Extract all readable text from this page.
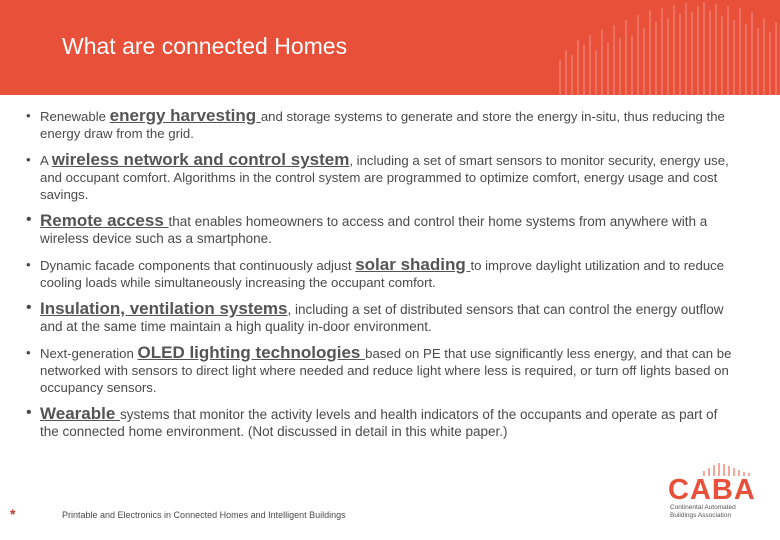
What are connected Homes
• Renewable energy harvesting and storage systems to generate and store the energy in-situ, thus reducing the energy draw from the grid.
• A wireless network and control system, including a set of smart sensors to monitor security, energy use, and occupant comfort. Algorithms in the control system are programmed to optimize comfort, energy usage and cost savings.
• Remote access that enables homeowners to access and control their home systems from anywhere with a wireless device such as a smartphone.
• Dynamic facade components that continuously adjust solar shading to improve daylight utilization and to reduce cooling loads while simultaneously increasing the occupant comfort.
• Insulation, ventilation systems, including a set of distributed sensors that can control the energy outflow and at the same time maintain a high quality in-door environment.
• Next-generation OLED lighting technologies based on PE that use significantly less energy, and that can be networked with sensors to direct light where needed and reduce light where less is required, or turn off lights based on occupancy sensors.
• Wearable systems that monitor the activity levels and health indicators of the occupants and operate as part of the connected home environment. (Not discussed in detail in this white paper.)
*	Printable and Electronics in Connected Homes and Intelligent Buildings
CABA
Continental Automated Buildings Association
